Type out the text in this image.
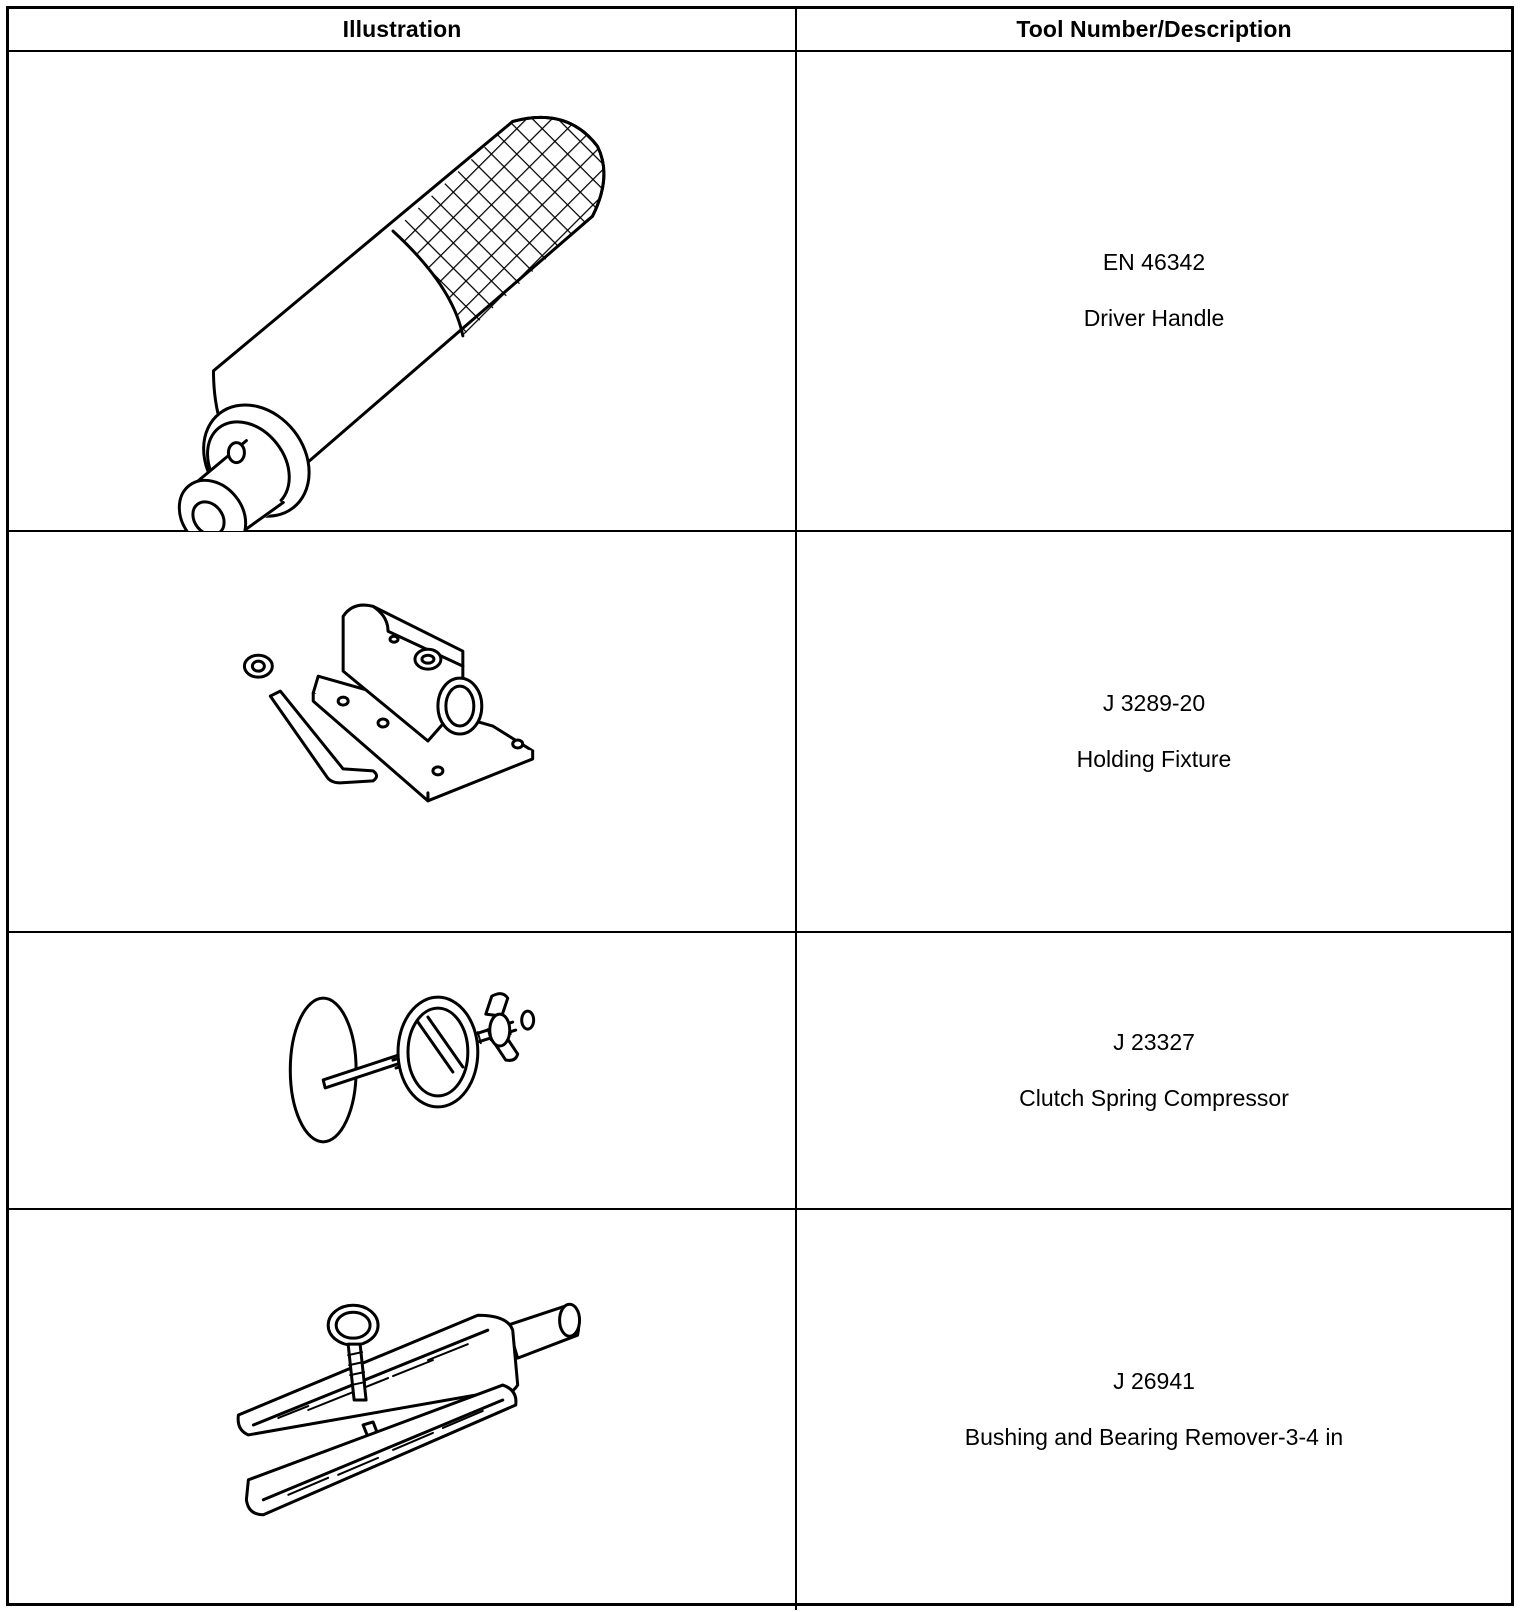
Illustration	Tool Number/Description
EN 46342
Driver Handle
J 3289-20
Holding Fixture
J 23327
Clutch Spring Compressor
J 26941
Bushing and Bearing Remover-3-4 in
